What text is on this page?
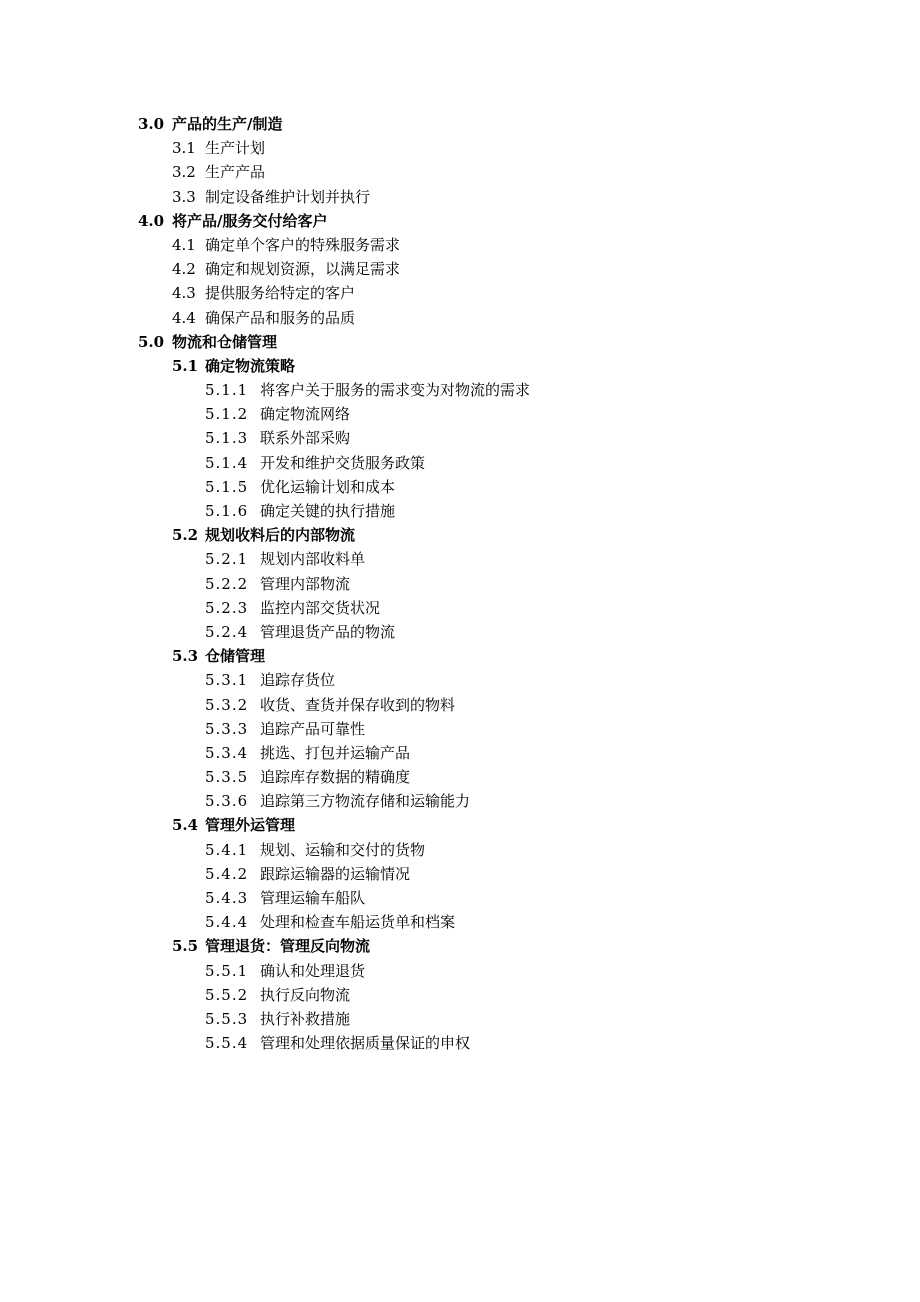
3.0 产品的生产/制造
3.1 生产计划
3.2 生产产品
3.3 制定设备维护计划并执行
4.0 将产品/服务交付给客户
4.1 确定单个客户的特殊服务需求
4.2 确定和规划资源，以满足需求
4.3 提供服务给特定的客户
4.4 确保产品和服务的品质
5.0 物流和仓储管理
5.1 确定物流策略
5.1.1 将客户关于服务的需求变为对物流的需求
5.1.2 确定物流网络
5.1.3 联系外部采购
5.1.4 开发和维护交货服务政策
5.1.5 优化运输计划和成本
5.1.6 确定关键的执行措施
5.2 规划收料后的内部物流
5.2.1 规划内部收料单
5.2.2 管理内部物流
5.2.3 监控内部交货状况
5.2.4 管理退货产品的物流
5.3 仓储管理
5.3.1 追踪存货位
5.3.2 收货、查货并保存收到的物料
5.3.3 追踪产品可靠性
5.3.4 挑选、打包并运输产品
5.3.5 追踪库存数据的精确度
5.3.6 追踪第三方物流存储和运输能力
5.4 管理外运管理
5.4.1 规划、运输和交付的货物
5.4.2 跟踪运输器的运输情况
5.4.3 管理运输车船队
5.4.4 处理和检查车船运货单和档案
5.5 管理退货：管理反向物流
5.5.1 确认和处理退货
5.5.2 执行反向物流
5.5.3 执行补救措施
5.5.4 管理和处理依据质量保证的申权
